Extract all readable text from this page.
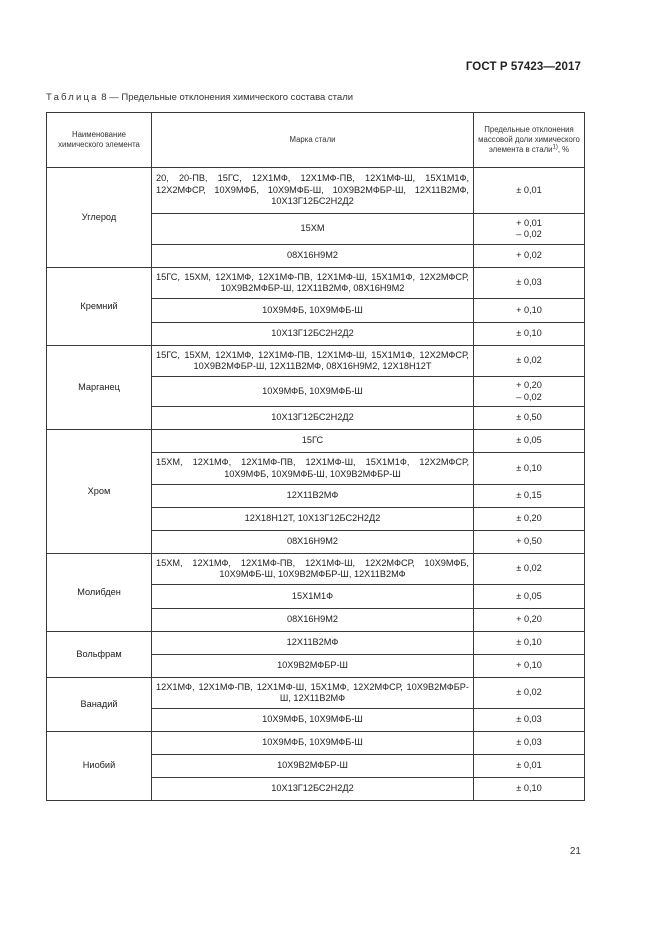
ГОСТ Р 57423—2017
Таблица 8 — Предельные отклонения химического состава стали
Наименование химического элемента	Марка стали	Предельные отклонения массовой доли химического элемента в стали$^{1)}$, %
Углерод	20, 20-ПВ, 15ГС, 12Х1МФ, 12Х1МФ-ПВ, 12Х1МФ-Ш, 15Х1М1Ф, 12Х2МФСР, 10Х9МФБ, 10Х9МФБ-Ш, 10Х9В2МФБР-Ш, 12Х11В2МФ, 10Х13Г12БС2Н2Д2	± 0,01

	15ХМ	+ 0,01
– 0,02

	08Х16Н9М2	+ 0,02

Кремний	15ГС, 15ХМ, 12Х1МФ, 12Х1МФ-ПВ, 12Х1МФ-Ш, 15Х1М1Ф, 12Х2МФСР, 10Х9В2МФБР-Ш, 12Х11В2МФ, 08Х16Н9М2	± 0,03

	10Х9МФБ, 10Х9МФБ-Ш	+ 0,10

	10Х13Г12БС2Н2Д2	± 0,10

Марганец	15ГС, 15ХМ, 12Х1МФ, 12Х1МФ-ПВ, 12Х1МФ-Ш, 15Х1М1Ф, 12Х2МФСР, 10Х9В2МФБР-Ш, 12Х11В2МФ, 08Х16Н9М2, 12Х18Н12Т	± 0,02

	10Х9МФБ, 10Х9МФБ-Ш	+ 0,20
– 0,02

	10Х13Г12БС2Н2Д2	± 0,50

Хром	15ГС	± 0,05

	15ХМ, 12Х1МФ, 12Х1МФ-ПВ, 12Х1МФ-Ш, 15Х1М1Ф, 12Х2МФСР, 10Х9МФБ, 10Х9МФБ-Ш, 10Х9В2МФБР-Ш	± 0,10

	12Х11В2МФ	± 0,15

	12Х18Н12Т, 10Х13Г12БС2Н2Д2	± 0,20

	08Х16Н9М2	+ 0,50

Молибден	15ХМ, 12Х1МФ, 12Х1МФ-ПВ, 12Х1МФ-Ш, 12Х2МФСР, 10Х9МФБ, 10Х9МФБ-Ш, 10Х9В2МФБР-Ш, 12Х11В2МФ	± 0,02

	15Х1М1Ф	± 0,05

	08Х16Н9М2	+ 0,20

Вольфрам	12Х11В2МФ	± 0,10

	10Х9В2МФБР-Ш	+ 0,10

Ванадий	12Х1МФ, 12Х1МФ-ПВ, 12Х1МФ-Ш, 15Х1МФ, 12Х2МФСР, 10Х9В2МФБР-Ш, 12Х11В2МФ	± 0,02

	10Х9МФБ, 10Х9МФБ-Ш	± 0,03

Ниобий	10Х9МФБ, 10Х9МФБ-Ш	± 0,03

	10Х9В2МФБР-Ш	± 0,01

	10Х13Г12БС2Н2Д2	± 0,10
21
